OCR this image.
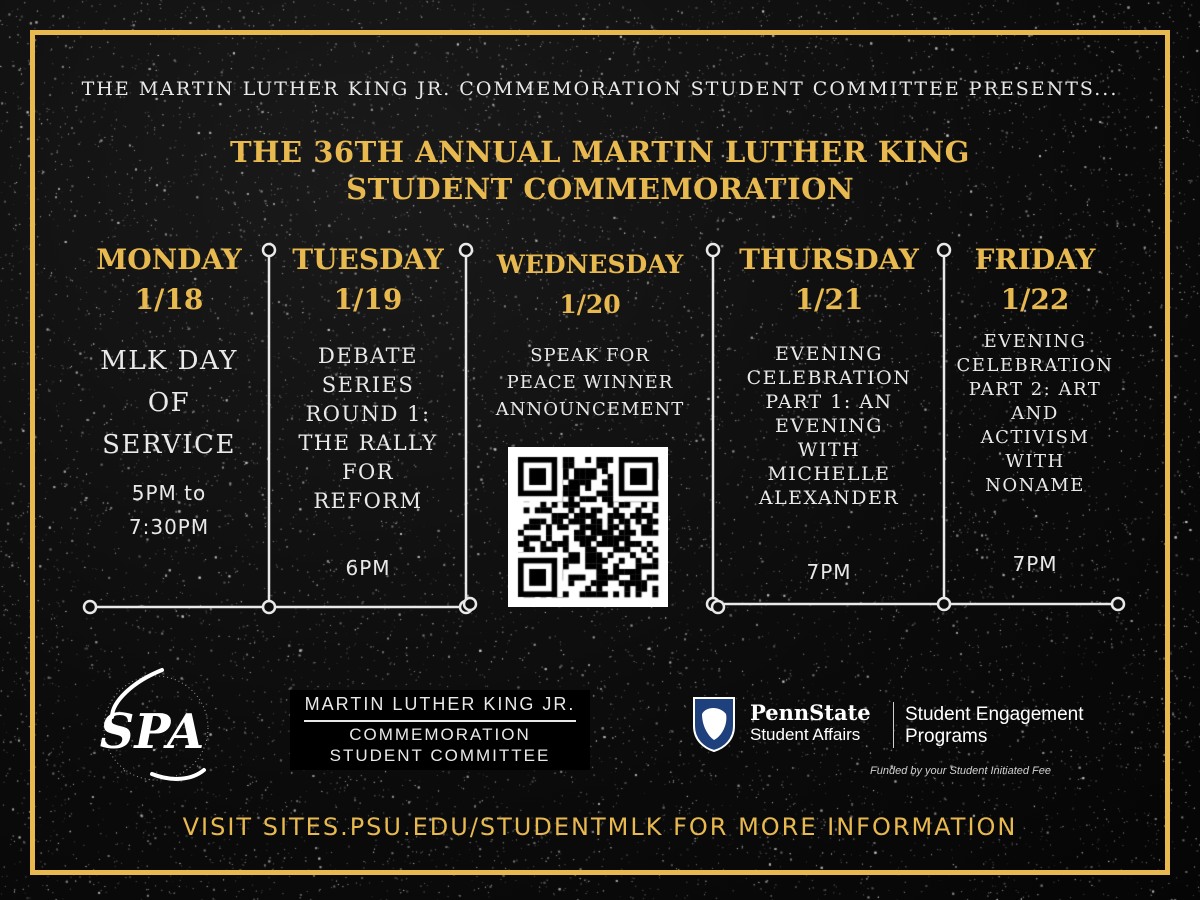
THE MARTIN LUTHER KING JR. COMMEMORATION STUDENT COMMITTEE PRESENTS...
THE 36TH ANNUAL MARTIN LUTHER KING
STUDENT COMMEMORATION
MONDAY
1/18
MLK DAY
OF
SERVICE
5PM to
7:30PM
TUESDAY
1/19
DEBATE
SERIES
ROUND 1:
THE RALLY
FOR
REFORM
6PM
WEDNESDAY
1/20
SPEAK FOR
PEACE WINNER
ANNOUNCEMENT
THURSDAY
1/21
EVENING
CELEBRATION
PART 1: AN
EVENING
WITH
MICHELLE
ALEXANDER
7PM
FRIDAY
1/22
EVENING
CELEBRATION
PART 2: ART
AND
ACTIVISM
WITH
NONAME
7PM
SPA	MARTIN LUTHER KING JR.
COMMEMORATION
STUDENT COMMITTEE
PennState
Student Affairs
Student Engagement
Programs
Funded by your Student Initiated Fee
VISIT SITES.PSU.EDU/STUDENTMLK FOR MORE INFORMATION
